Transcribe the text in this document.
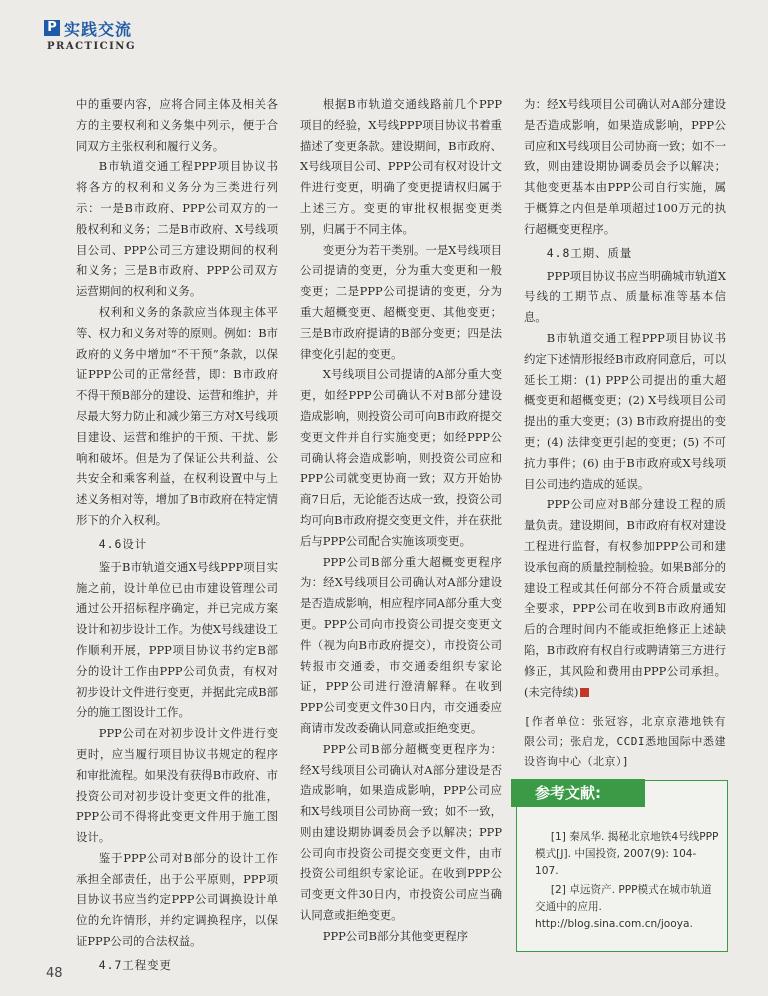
P 实践交流
PRACTICING

中的重要内容，应将合同主体及相关各方的主要权利和义务集中列示，便于合同双方主张权利和履行义务。

B市轨道交通工程PPP项目协议书将各方的权利和义务分为三类进行列示：一是B市政府、PPP公司双方的一般权利和义务；二是B市政府、X号线项目公司、PPP公司三方建设期间的权利和义务；三是B市政府、PPP公司双方运营期间的权利和义务。

权利和义务的条款应当体现主体平等、权力和义务对等的原则。例如：B市政府的义务中增加“不干预”条款，以保证PPP公司的正常经营，即：B市政府不得干预B部分的建设、运营和维护，并尽最大努力防止和减少第三方对X号线项目建设、运营和维护的干预、干扰、影响和破坏。但是为了保证公共利益、公共安全和乘客利益，在权利设置中与上述义务相对等，增加了B市政府在特定情形下的介入权利。

4.6设计

鉴于B市轨道交通X号线PPP项目实施之前，设计单位已由市建设管理公司通过公开招标程序确定，并已完成方案设计和初步设计工作。为使X号线建设工作顺利开展，PPP项目协议书约定B部分的设计工作由PPP公司负责，有权对初步设计文件进行变更，并据此完成B部分的施工图设计工作。

PPP公司在对初步设计文件进行变更时，应当履行项目协议书规定的程序和审批流程。如果没有获得B市政府、市投资公司对初步设计变更文件的批准，PPP公司不得将此变更文件用于施工图设计。

鉴于PPP公司对B部分的设计工作承担全部责任，出于公平原则，PPP项目协议书应当约定PPP公司调换设计单位的允许情形，并约定调换程序，以保证PPP公司的合法权益。

4.7工程变更

根据B市轨道交通线路前几个PPP项目的经验，X号线PPP项目协议书着重描述了变更条款。建设期间，B市政府、X号线项目公司、PPP公司有权对设计文件进行变更，明确了变更提请权归属于上述三方。变更的审批权根据变更类别，归属于不同主体。

变更分为若干类别。一是X号线项目公司提请的变更，分为重大变更和一般变更；二是PPP公司提请的变更，分为重大超概变更、超概变更、其他变更；三是B市政府提请的B部分变更；四是法律变化引起的变更。

X号线项目公司提请的A部分重大变更，如经PPP公司确认不对B部分建设造成影响，则投资公司可向B市政府提交变更文件并自行实施变更；如经PPP公司确认将会造成影响，则投资公司应和PPP公司就变更协商一致；双方开始协商7日后，无论能否达成一致，投资公司均可向B市政府提交变更文件，并在获批后与PPP公司配合实施该项变更。

PPP公司B部分重大超概变更程序为：经X号线项目公司确认对A部分建设是否造成影响，相应程序同A部分重大变更。PPP公司向市投资公司提交变更文件（视为向B市政府提交），市投资公司转报市交通委，市交通委组织专家论证，PPP公司进行澄清解释。在收到PPP公司变更文件30日内，市交通委应商请市发改委确认同意或拒绝变更。

PPP公司B部分超概变更程序为：经X号线项目公司确认对A部分建设是否造成影响，如果造成影响，PPP公司应和X号线项目公司协商一致；如不一致，则由建设期协调委员会予以解决；PPP公司向市投资公司提交变更文件，由市投资公司组织专家论证。在收到PPP公司变更文件30日内，市投资公司应当确认同意或拒绝变更。

PPP公司B部分其他变更程序

为：经X号线项目公司确认对A部分建设是否造成影响，如果造成影响，PPP公司应和X号线项目公司协商一致；如不一致，则由建设期协调委员会予以解决；其他变更基本由PPP公司自行实施，属于概算之内但是单项超过100万元的执行超概变更程序。

4.8工期、质量

PPP项目协议书应当明确城市轨道X号线的工期节点、质量标准等基本信息。

B市轨道交通工程PPP项目协议书约定下述情形报经B市政府同意后，可以延长工期：(1) PPP公司提出的重大超概变更和超概变更；(2) X号线项目公司提出的重大变更；(3) B市政府提出的变更；(4) 法律变更引起的变更；(5) 不可抗力事件；(6) 由于B市政府或X号线项目公司违约造成的延误。

PPP公司应对B部分建设工程的质量负责。建设期间，B市政府有权对建设工程进行监督，有权参加PPP公司和建设承包商的质量控制检验。如果B部分的建设工程或其任何部分不符合质量或安全要求，PPP公司在收到B市政府通知后的合理时间内不能或拒绝修正上述缺陷，B市政府有权自行或聘请第三方进行修正，其风险和费用由PPP公司承担。(未完待续)

[作者单位：张冠容，北京京港地铁有限公司；张启龙，CCDI悉地国际中悉建设咨询中心（北京）]
参考文献:
[1] 秦凤华. 揭秘北京地铁4号线PPP模式[J]. 中国投资, 2007(9): 104-107.
[2] 卓远资产. PPP模式在城市轨道交通中的应用. http://blog.sina.com.cn/jooya.
48
